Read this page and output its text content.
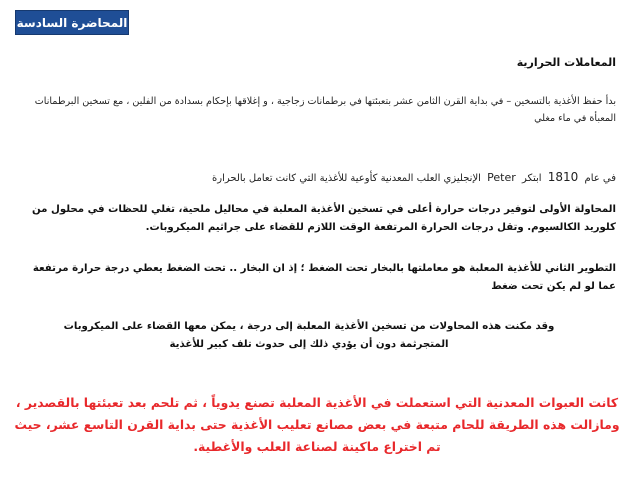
المحاضرة السادسة
المعاملات الحرارية

بدأ حفظ الأغذية بالتسخين – في بداية القرن الثامن عشر بتعبئتها في برطمانات زجاجية ، و إغلاقها بإحكام بسدادة من الفلين ، مع تسخين البرطمانات المعبأة في ماء مغلي

في عام 1810 ابتكر Peter الإنجليزي العلب المعدنية كأوعية للأغذية التي كانت تعامل بالحرارة

المحاولة الأولى لتوفير درجات حرارة أعلى في تسخين الأغذية المعلبة في محاليل ملحية، تغلي للحظات في محلول من كلوريد الكالسيوم. وتقل درجات الحرارة المرتفعة الوقت اللازم للقضاء على جراثيم الميكروبات.

التطوير الثاني للأغذية المعلبة هو معاملتها بالبخار تحت الضغط ؛ إذ ان البخار .. تحت الضغط يعطي درجة حرارة مرتفعة عما لو لم يكن تحت ضغط

وقد مكنت هذه المحاولات من تسخين الأغذية المعلبة إلى درجة ، يمكن معها القضاء على الميكروبات المتجرثمة دون أن يؤدي ذلك إلى حدوث تلف كبير للأغذية

كانت العبوات المعدنية التي استعملت في الأغذية المعلبة تصنع يدوياً ، ثم تلحم بعد تعبئتها بالقصدير ، ومازالت هذه الطريقة للحام متبعة في بعض مصانع تعليب الأغذية حتى بداية القرن التاسع عشر، حيث تم اختراع ماكينة لصناعة العلب والأغطية.
